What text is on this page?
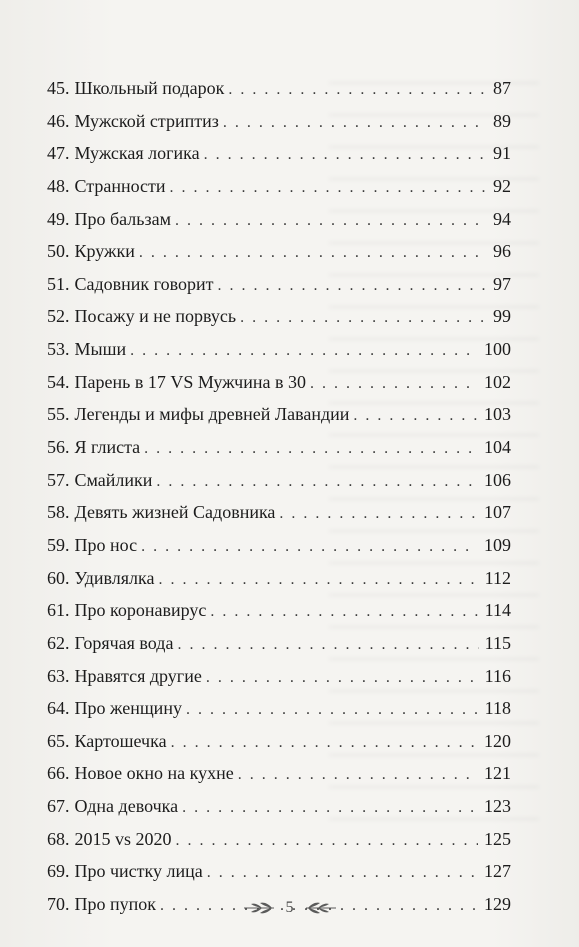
45. Школьный подарок . . .	87
46. Мужской стриптиз . . .	89
47. Мужская логика . . .	91
48. Странности . . .	92
49. Про бальзам . . .	94
50. Кружки . . .	96
51. Садовник говорит . . .	97
52. Посажу и не порвусь . . .	99
53. Мыши . . .	100
54. Парень в 17 VS Мужчина в 30 . . .	102
55. Легенды и мифы древней Лавандии . . .	103
56. Я глиста . . .	104
57. Смайлики . . .	106
58. Девять жизней Садовника . . .	107
59. Про нос . . .	109
60. Удивлялка . . .	112
61. Про коронавирус . . .	114
62. Горячая вода . . .	115
63. Нравятся другие . . .	116
64. Про женщину . . .	118
65. Картошечка . . .	120
66. Новое окно на кухне . . .	121
67. Одна девочка . . .	123
68. 2015 vs 2020 . . .	125
69. Про чистку лица . . .	127
70. Про пупок . . .	129
5
